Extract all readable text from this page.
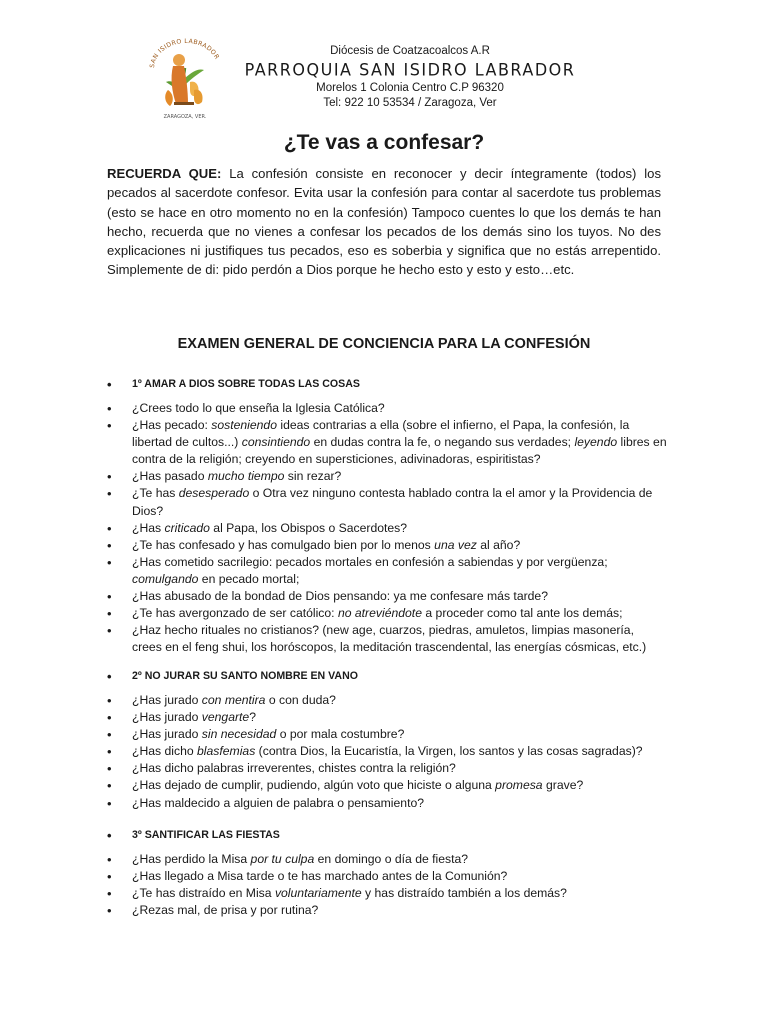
SAN ISIDRO LABRADOR
ZARAGOZA, VER.
Diócesis de Coatzacoalcos A.R
PARROQUIA SAN ISIDRO LABRADOR
Morelos 1 Colonia Centro C.P 96320
Tel: 922 10 53534 / Zaragoza, Ver
¿Te vas a confesar?
RECUERDA QUE: La confesión consiste en reconocer y decir íntegramente (todos) los pecados al sacerdote confesor. Evita usar la confesión para contar al sacerdote tus problemas (esto se hace en otro momento no en la confesión) Tampoco cuentes lo que los demás te han hecho, recuerda que no vienes a confesar los pecados de los demás sino los tuyos. No des explicaciones ni justifiques tus pecados, eso es soberbia y significa que no estás arrepentido. Simplemente de di: pido perdón a Dios porque he hecho esto y esto y esto…etc.
EXAMEN GENERAL DE CONCIENCIA PARA LA CONFESIÓN
• 1º AMAR A DIOS SOBRE TODAS LAS COSAS
• ¿Crees todo lo que enseña la Iglesia Católica?
• ¿Has pecado: sosteniendo ideas contrarias a ella (sobre el infierno, el Papa, la confesión, la libertad de cultos...) consintiendo en dudas contra la fe, o negando sus verdades; leyendo libres en contra de la religión; creyendo en supersticiones, adivinadoras, espiritistas?
• ¿Has pasado mucho tiempo sin rezar?
• ¿Te has desesperado o Otra vez ninguno contesta hablado contra la el amor y la Providencia de Dios?
• ¿Has criticado al Papa, los Obispos o Sacerdotes?
• ¿Te has confesado y has comulgado bien por lo menos una vez al año?
• ¿Has cometido sacrilegio: pecados mortales en confesión a sabiendas y por vergüenza; comulgando en pecado mortal;
• ¿Has abusado de la bondad de Dios pensando: ya me confesare más tarde?
• ¿Te has avergonzado de ser católico: no atreviéndote a proceder como tal ante los demás;
• ¿Haz hecho rituales no cristianos? (new age, cuarzos, piedras, amuletos, limpias masonería, crees en el feng shui, los horóscopos, la meditación trascendental, las energías cósmicas, etc.)
• 2º NO JURAR SU SANTO NOMBRE EN VANO
• ¿Has jurado con mentira o con duda?
• ¿Has jurado vengarte?
• ¿Has jurado sin necesidad o por mala costumbre?
• ¿Has dicho blasfemias (contra Dios, la Eucaristía, la Virgen, los santos y las cosas sagradas)?
• ¿Has dicho palabras irreverentes, chistes contra la religión?
• ¿Has dejado de cumplir, pudiendo, algún voto que hiciste o alguna promesa grave?
• ¿Has maldecido a alguien de palabra o pensamiento?
• 3º SANTIFICAR LAS FIESTAS
• ¿Has perdido la Misa por tu culpa en domingo o día de fiesta?
• ¿Has llegado a Misa tarde o te has marchado antes de la Comunión?
• ¿Te has distraído en Misa voluntariamente y has distraído también a los demás?
• ¿Rezas mal, de prisa y por rutina?
